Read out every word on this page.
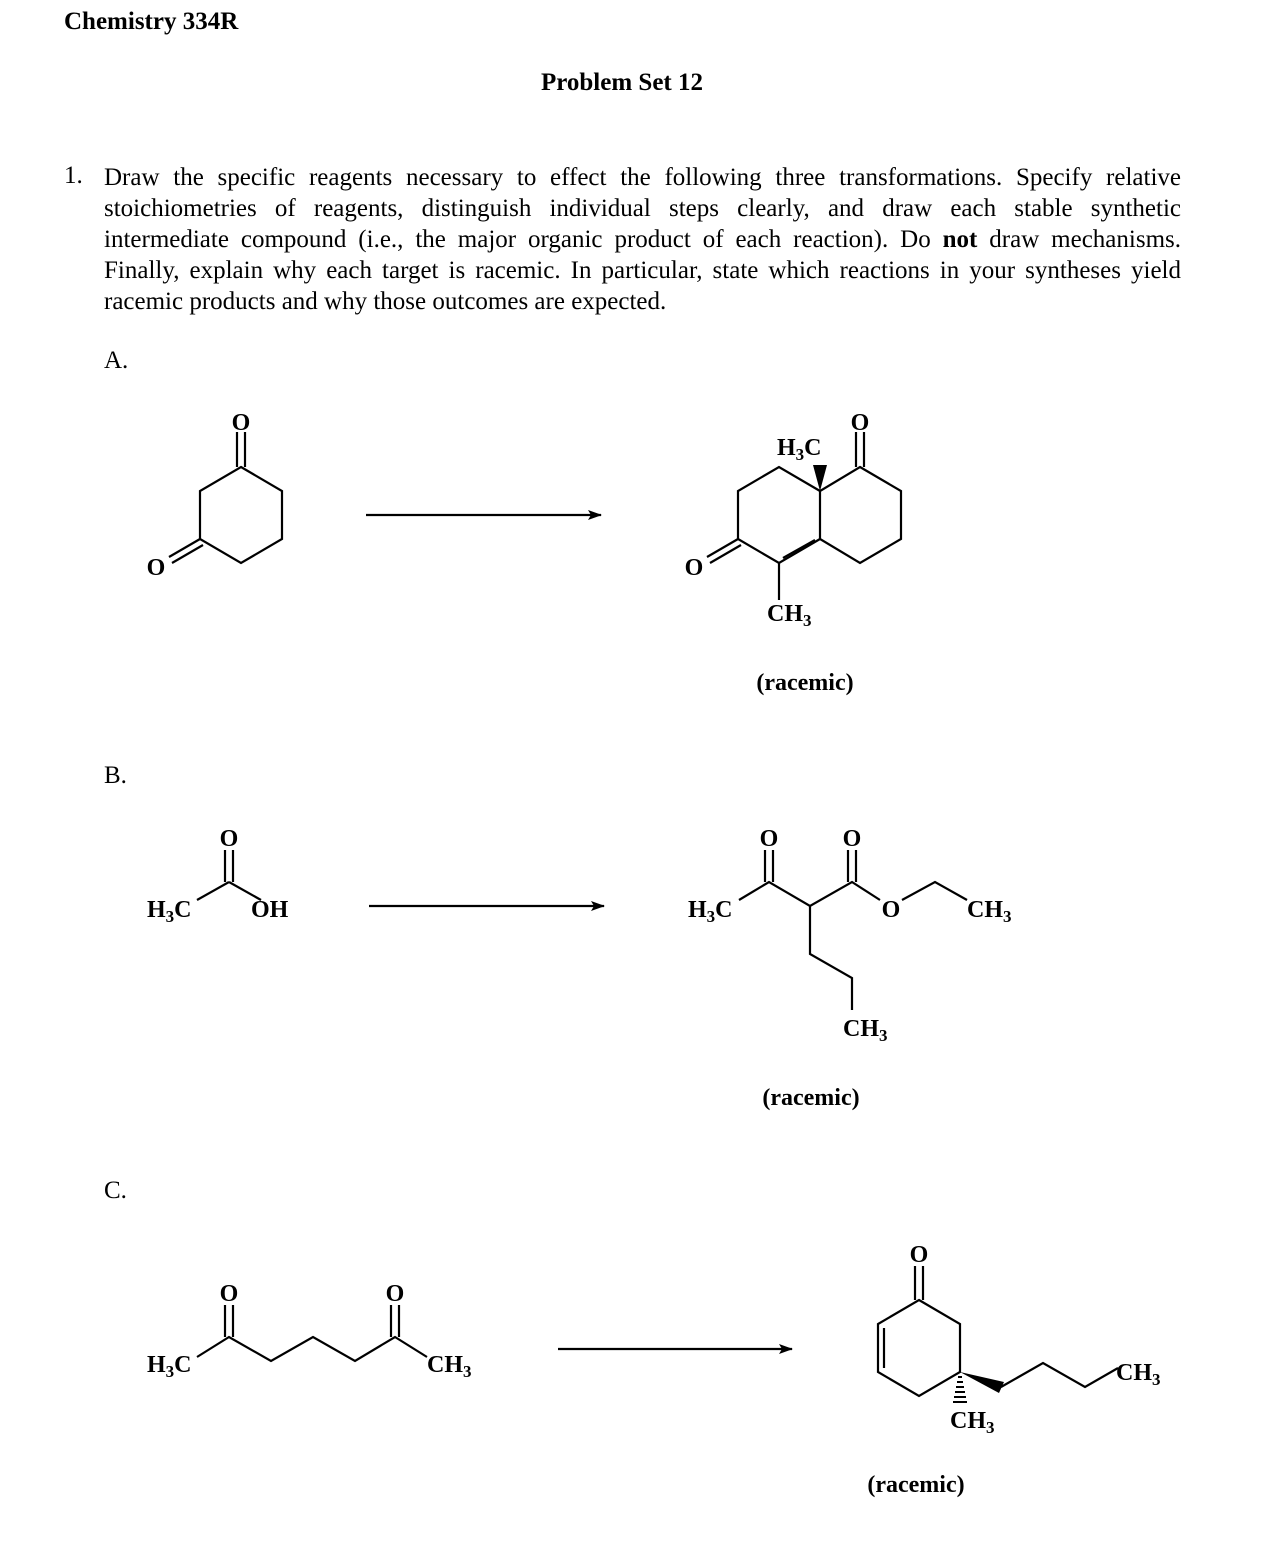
Chemistry 334R
Problem Set 12
1. Draw the specific reagents necessary to effect the following three transformations. Specify relative stoichiometries of reagents, distinguish individual steps clearly, and draw each stable synthetic intermediate compound (i.e., the major organic product of each reaction). Do not draw mechanisms. Finally, explain why each target is racemic. In particular, state which reactions in your syntheses yield racemic products and why those outcomes are expected.
A.
B.
C.
O
O
O
O
$H_3C$
$CH_3$
(racemic)
O
$H_3C$ OH
O	O
O
$H_3C$	$CH_3$
$CH_3$
(racemic)
O	O
$H_3C$	$CH_3$
O
$CH_3$
$CH_3$
(racemic)
